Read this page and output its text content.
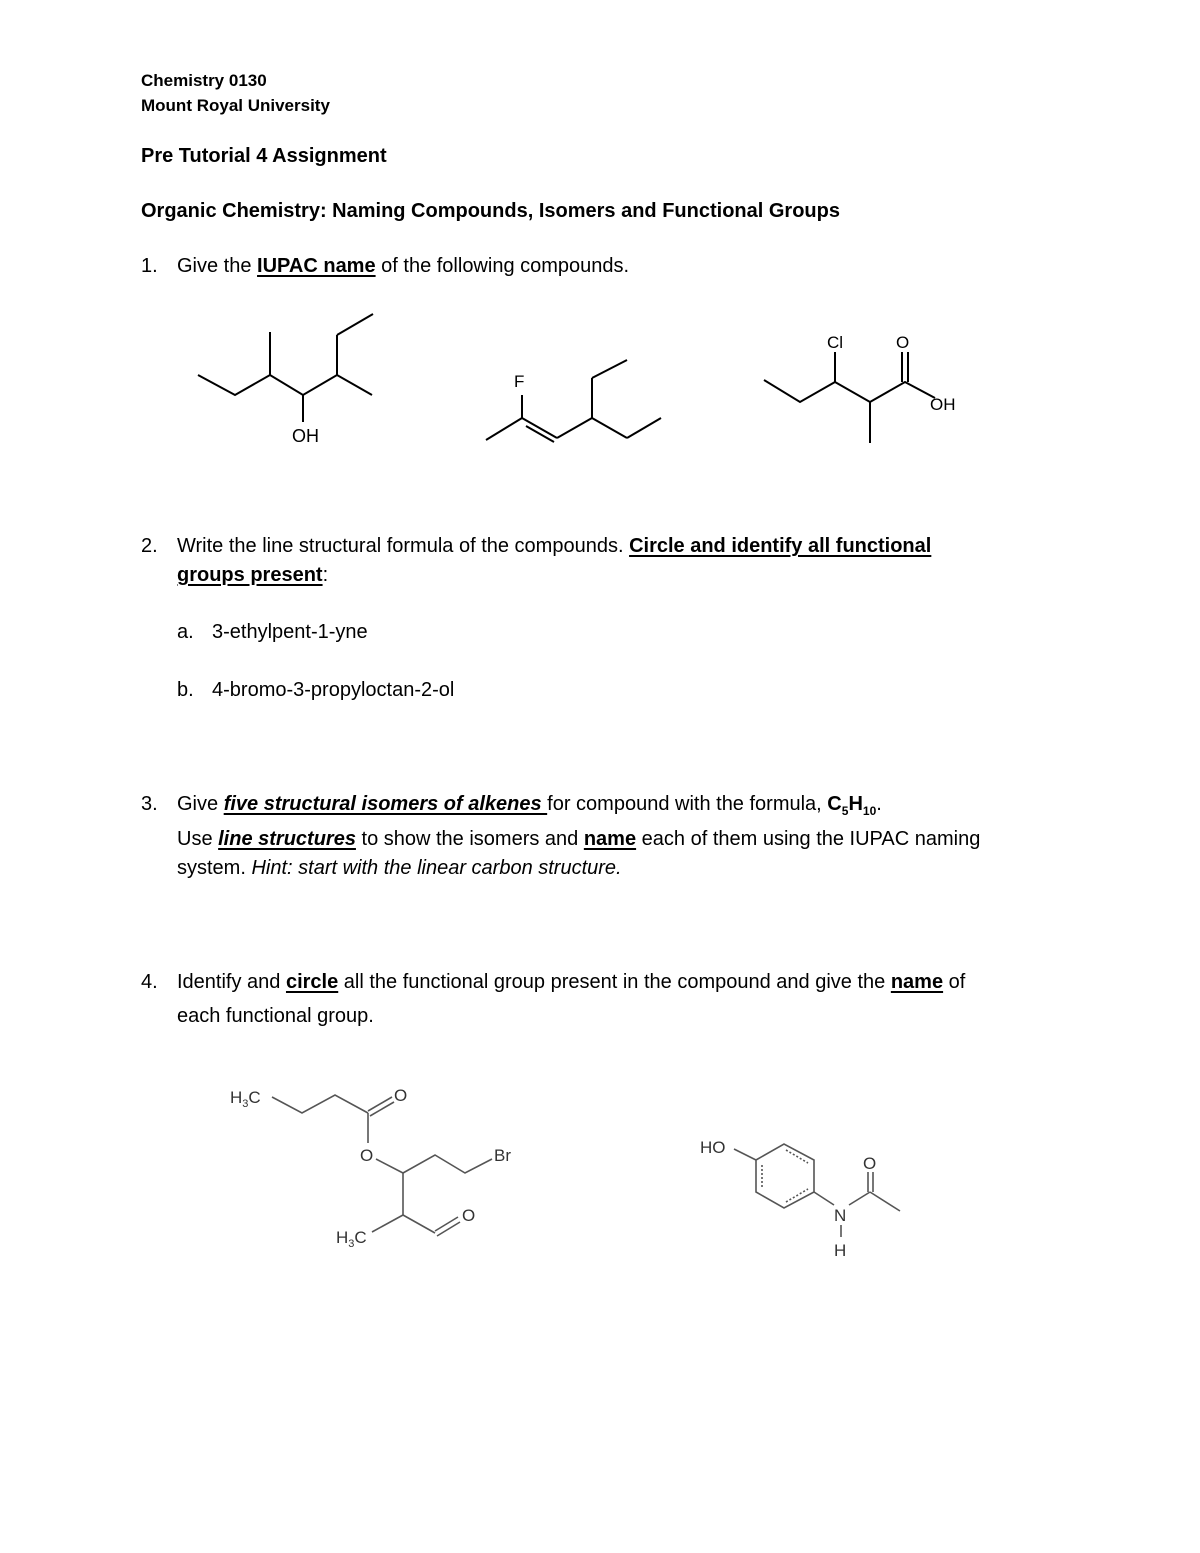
Chemistry 0130
Mount Royal University
Pre Tutorial 4 Assignment
Organic Chemistry: Naming Compounds, Isomers and Functional Groups
1. Give the IUPAC name of the following compounds.
OH
F
Cl	O
OH
2. Write the line structural formula of the compounds. Circle and identify all functional
groups present:
a. 3-ethylpent-1-yne
b. 4-bromo-3-propyloctan-2-ol
3. Give five structural isomers of alkenes for compound with the formula, $C_5H_{10}$.
Use line structures to show the isomers and name each of them using the IUPAC naming
system. Hint: start with the linear carbon structure.
4. Identify and circle all the functional group present in the compound and give the name of
each functional group.
$H_3C$	O
O	Br
$H_3C$
O
HO
N
H
O
